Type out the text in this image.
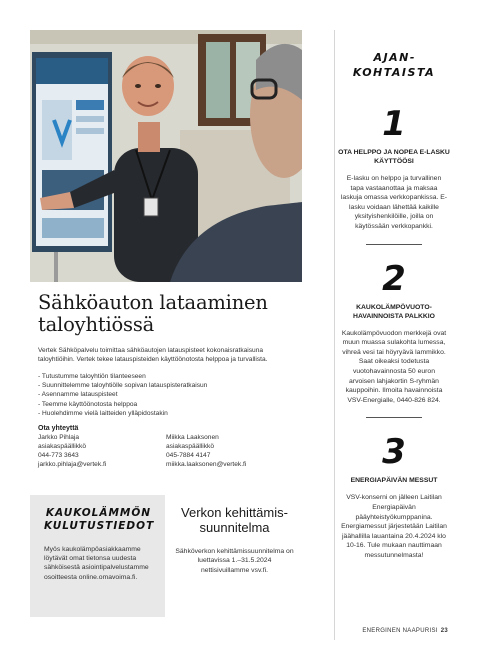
Sähköauton lataaminen taloyhtiössä

Vertek Sähköpalvelu toimittaa sähköautojen latauspisteet kokonaisratkaisuna taloyhtiöihin. Vertek tekee latauspisteiden käyttöönotosta helppoa ja turvallista.

- Tutustumme taloyhtiön tilanteeseen
- Suunnittelemme taloyhtiölle sopivan latauspisteratkaisun
- Asennamme latauspisteet
- Teemme käyttöönotosta helppoa
- Huolehdimme vielä laitteiden ylläpidostakin
Ota yhteyttä
Jarkko Pihlaja
asiakaspäällikkö
044-773 3643
jarkko.pihlaja@vertek.fi
Miikka Laaksonen
asiakaspäällikkö
045-7884 4147
miikka.laaksonen@vertek.fi
KAUKOLÄMMÖN KULUTUSTIEDOT

Myös kaukolämpöasiakkaamme löytävät omat tietonsa uudesta sähköisestä asiointipalvelustamme osoitteesta online.omavoima.fi.

Verkon kehittämissuunnitelma

Sähköverkon kehittämissuunnitelma on luettavissa 1.–31.5.2024 nettisivuillamme vsv.fi.

AJANKOHTAISTA
1
OTA HELPPO JA NOPEA E-LASKU KÄYTTÖÖSI
E-lasku on helppo ja turvallinen tapa vastaanottaa ja maksaa laskuja omassa verkkopankissa. E-lasku voidaan lähettää kaikille yksityishenkilöille, joilla on käytössään verkkopankki.
2
KAUKOLÄMPÖVUOTOHAVAINNOISTA PALKKIO
Kaukolämpövuodon merkkejä ovat muun muassa sulakohta lumessa, vihreä vesi tai höyryävä lammikko. Saat oikeaksi todetusta vuotohavainnosta 50 euron arvoisen lahjakortin S-ryhmän kauppoihin. Ilmoita havainnoista VSV-Energialle, 0440-826 824.
3
ENERGIAPÄIVÄN MESSUT
VSV-konserni on jälleen Laitilan Energiapäivän pääyhteistyökumppanina. Energiamessut järjestetään Laitilan jäähallilla lauantaina 20.4.2024 klo 10-16. Tule mukaan nauttimaan messutunnelmasta!
ENERGINEN NAAPURISI 23
